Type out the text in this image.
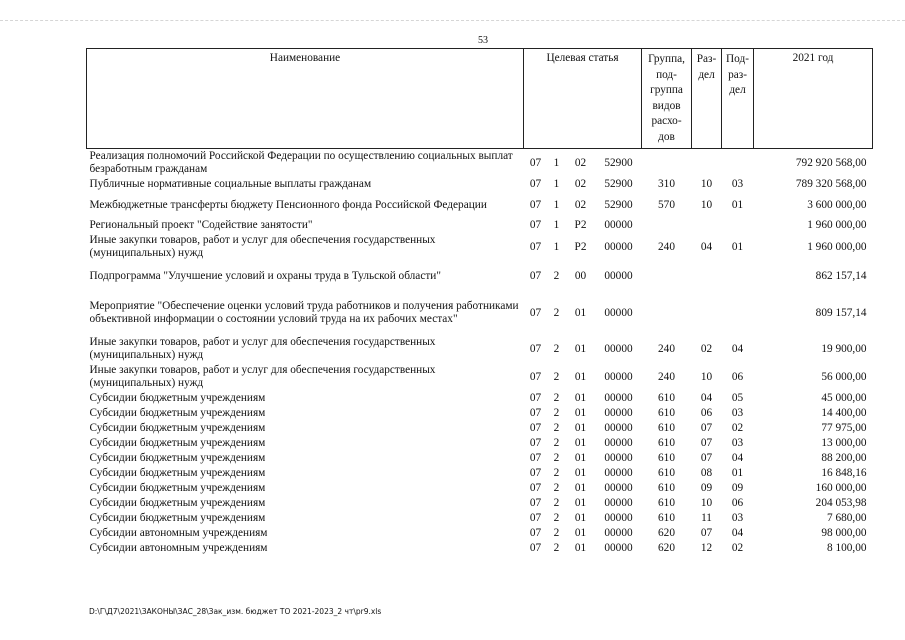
53
Наименование	Целевая статья				Группа, под- группа видов расхо- дов	Раз- дел	Под- раз- дел	2021 год
Реализация полномочий Российской Федерации по осуществлению социальных выплат безработным гражданам	07	1	02	52900				792 920 568,00
Публичные нормативные социальные выплаты гражданам	07	1	02	52900	310	10	03	789 320 568,00
Межбюджетные трансферты бюджету Пенсионного фонда Российской Федерации	07	1	02	52900	570	10	01	3 600 000,00
Региональный проект "Содействие занятости"	07	1	P2	00000				1 960 000,00
Иные закупки товаров, работ и услуг для обеспечения государственных (муниципальных) нужд	07	1	P2	00000	240	04	01	1 960 000,00
Подпрограмма "Улучшение условий и охраны труда в Тульской области"	07	2	00	00000				862 157,14
Мероприятие "Обеспечение оценки условий труда работников и получения работниками объективной информации о состоянии условий труда на их рабочих местах"	07	2	01	00000				809 157,14
Иные закупки товаров, работ и услуг для обеспечения государственных (муниципальных) нужд	07	2	01	00000	240	02	04	19 900,00
Иные закупки товаров, работ и услуг для обеспечения государственных (муниципальных) нужд	07	2	01	00000	240	10	06	56 000,00
Субсидии бюджетным учреждениям	07	2	01	00000	610	04	05	45 000,00
Субсидии бюджетным учреждениям	07	2	01	00000	610	06	03	14 400,00
Субсидии бюджетным учреждениям	07	2	01	00000	610	07	02	77 975,00
Субсидии бюджетным учреждениям	07	2	01	00000	610	07	03	13 000,00
Субсидии бюджетным учреждениям	07	2	01	00000	610	07	04	88 200,00
Субсидии бюджетным учреждениям	07	2	01	00000	610	08	01	16 848,16
Субсидии бюджетным учреждениям	07	2	01	00000	610	09	09	160 000,00
Субсидии бюджетным учреждениям	07	2	01	00000	610	10	06	204 053,98
Субсидии бюджетным учреждениям	07	2	01	00000	610	11	03	7 680,00
Субсидии автономным учреждениям	07	2	01	00000	620	07	04	98 000,00
Субсидии автономным учреждениям	07	2	01	00000	620	12	02	8 100,00
D:\Г\Д7\2021\ЗАКОНЫ\ЗАС_28\Зак_изм. бюджет ТО 2021-2023_2 чт\pr9.xls
